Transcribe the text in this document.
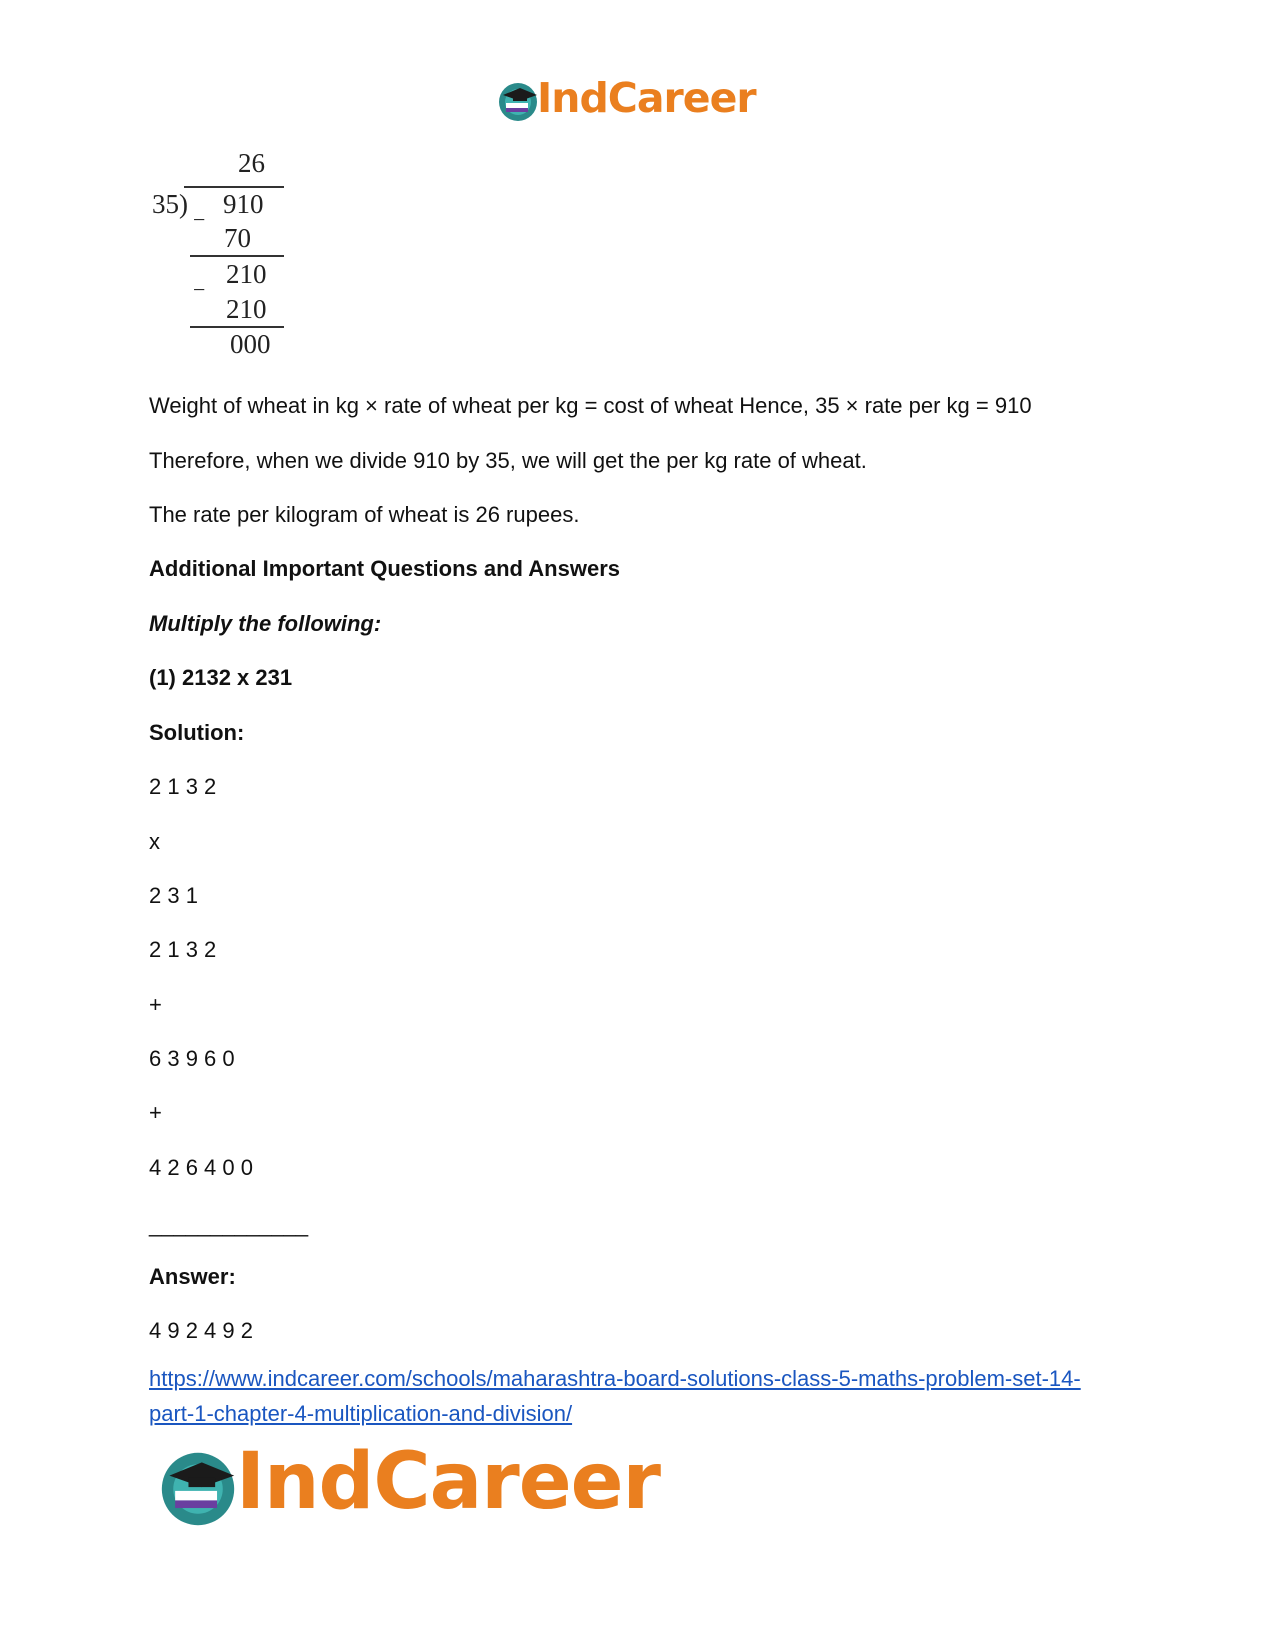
IndCareer
26
35) 910
−
70
210
−
210
000
Weight of wheat in kg × rate of wheat per kg = cost of wheat Hence, 35 × rate per kg = 910
Therefore, when we divide 910 by 35, we will get the per kg rate of wheat.
The rate per kilogram of wheat is 26 rupees.
Additional Important Questions and Answers
Multiply the following:
(1) 2132 x 231
Solution:
2 1 3 2
x
2 3 1
2 1 3 2
+
6 3 9 6 0
+
4 2 6 4 0 0
_____________
Answer:
4 9 2 4 9 2
https://www.indcareer.com/schools/maharashtra-board-solutions-class-5-maths-problem-set-14-
part-1-chapter-4-multiplication-and-division/
IndCareer
